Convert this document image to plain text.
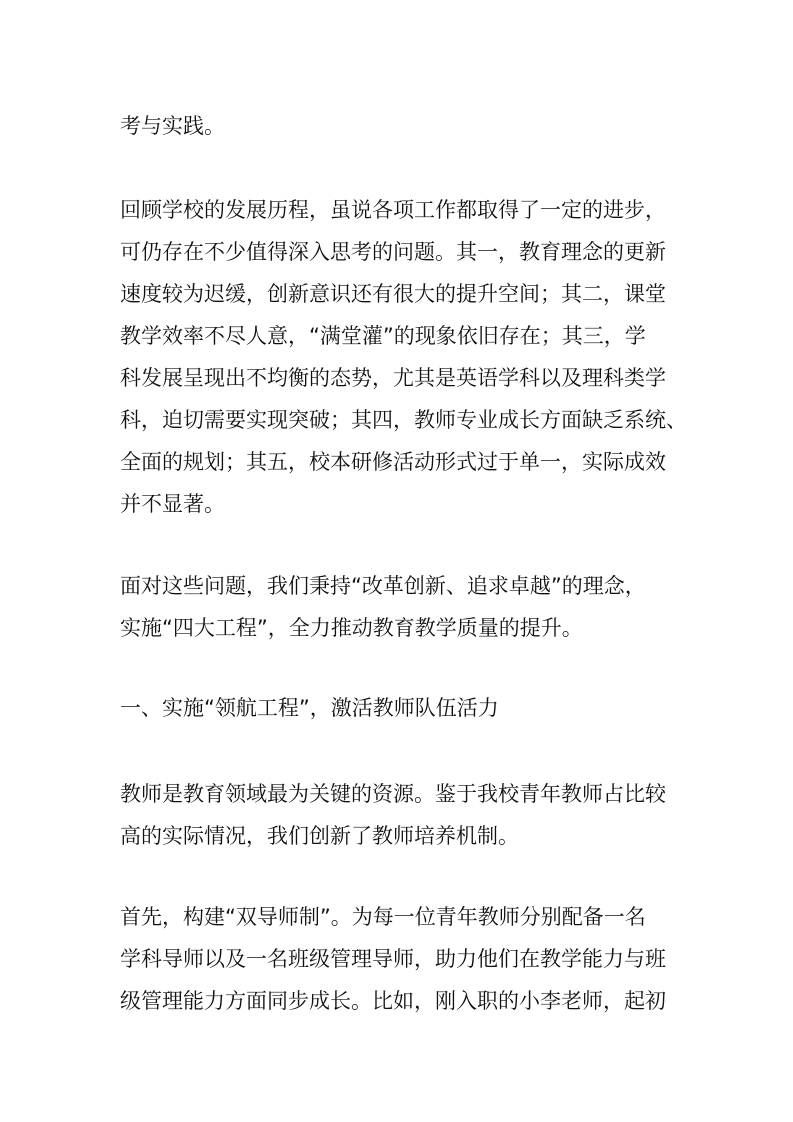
考与实践。

回顾学校的发展历程，虽说各项工作都取得了一定的进步，

可仍存在不少值得深入思考的问题。其一，教育理念的更新

速度较为迟缓，创新意识还有很大的提升空间；其二，课堂

教学效率不尽人意，“满堂灌”的现象依旧存在；其三，学

科发展呈现出不均衡的态势，尤其是英语学科以及理科类学

科，迫切需要实现突破；其四，教师专业成长方面缺乏系统、

全面的规划；其五，校本研修活动形式过于单一，实际成效

并不显著。

面对这些问题，我们秉持“改革创新、追求卓越”的理念，

实施“四大工程”，全力推动教育教学质量的提升。

一、实施“领航工程”，激活教师队伍活力

教师是教育领域最为关键的资源。鉴于我校青年教师占比较

高的实际情况，我们创新了教师培养机制。

首先，构建“双导师制”。为每一位青年教师分别配备一名

学科导师以及一名班级管理导师，助力他们在教学能力与班

级管理能力方面同步成长。比如，刚入职的小李老师，起初
